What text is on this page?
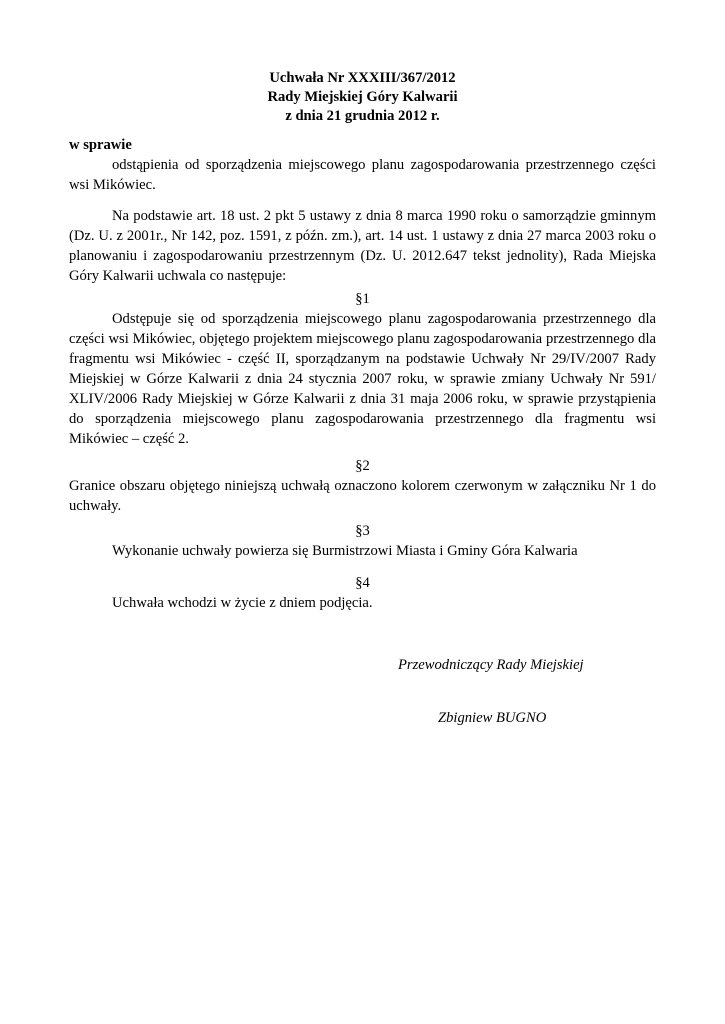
Uchwała Nr XXXIII/367/2012
Rady Miejskiej Góry Kalwarii
z dnia 21 grudnia 2012 r.
w sprawie
odstąpienia od sporządzenia miejscowego planu zagospodarowania przestrzennego części wsi Mikówiec.
Na podstawie art. 18 ust. 2 pkt 5 ustawy z dnia 8 marca 1990 roku o samorządzie gminnym (Dz. U. z 2001r., Nr 142, poz. 1591, z późn. zm.), art. 14 ust. 1 ustawy z dnia 27 marca 2003 roku o planowaniu i zagospodarowaniu przestrzennym (Dz. U. 2012.647 tekst jednolity), Rada Miejska Góry Kalwarii uchwala co następuje:
§1
Odstępuje się od sporządzenia miejscowego planu zagospodarowania przestrzennego dla części wsi Mikówiec, objętego projektem miejscowego planu zagospodarowania przestrzennego dla fragmentu wsi Mikówiec - część II, sporządzanym na podstawie Uchwały Nr 29/IV/2007 Rady Miejskiej w Górze Kalwarii z dnia 24 stycznia 2007 roku, w sprawie zmiany Uchwały Nr 591/ XLIV/2006 Rady Miejskiej w Górze Kalwarii z dnia 31 maja 2006 roku, w sprawie przystąpienia do sporządzenia miejscowego planu zagospodarowania przestrzennego dla fragmentu wsi Mikówiec – część 2.
§2
Granice obszaru objętego niniejszą uchwałą oznaczono kolorem czerwonym w załączniku Nr 1 do uchwały.
§3
Wykonanie uchwały powierza się Burmistrzowi Miasta i Gminy Góra Kalwaria
§4
Uchwała wchodzi w życie z dniem podjęcia.
Przewodniczący Rady Miejskiej
Zbigniew BUGNO
